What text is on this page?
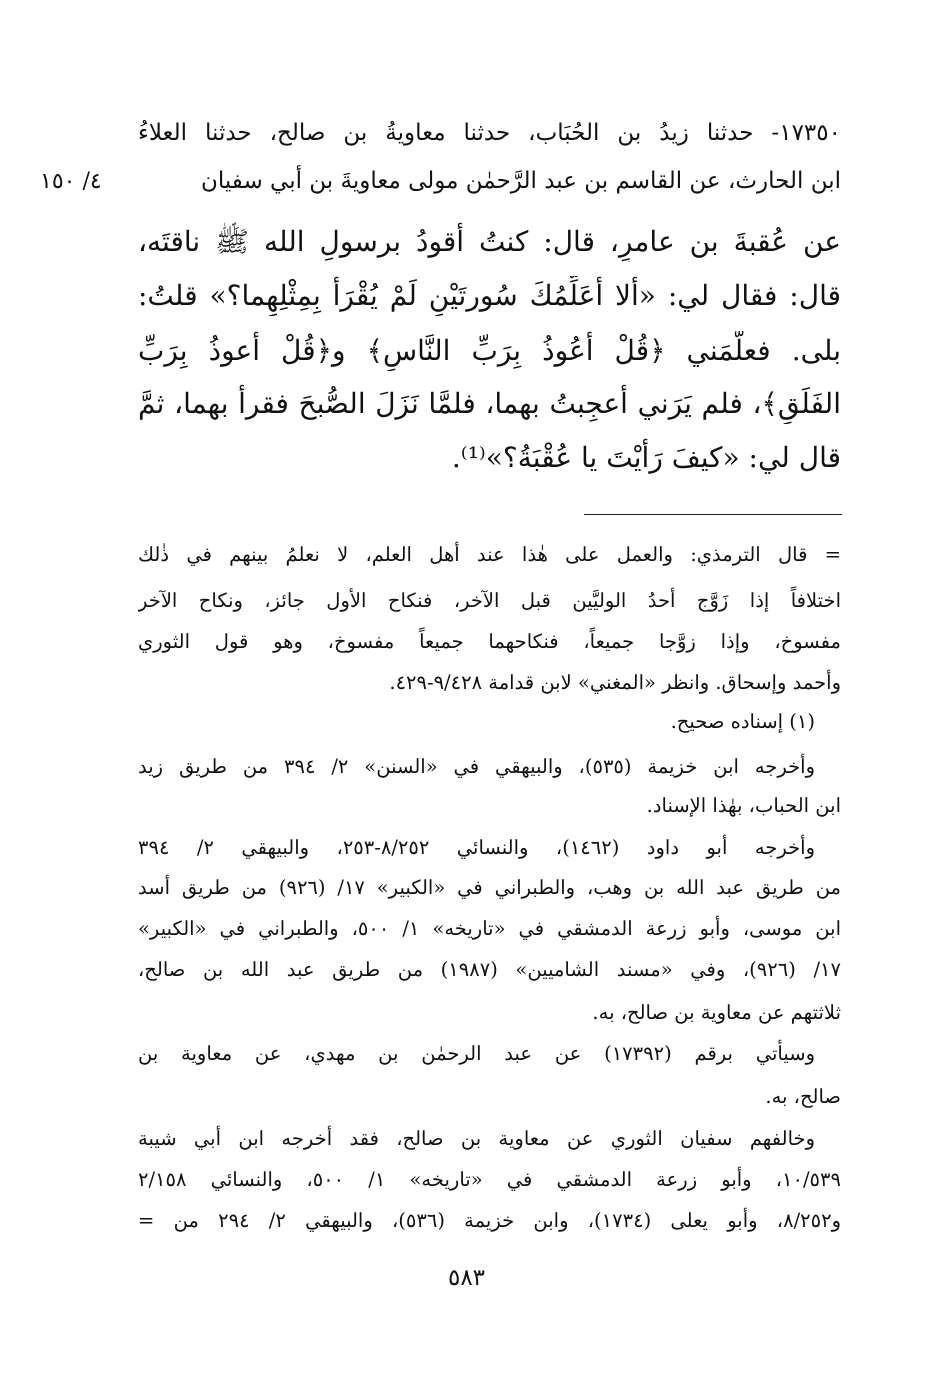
١٧٣٥٠- حدثنا زيدُ بن الحُبَاب، حدثنا معاويةُ بن صالح، حدثنا العلاءُ
ابن الحارث، عن القاسم بن عبد الرَّحمٰن مولى معاويةَ بن أبي سفيان
٤/ ١٥٠
عن عُقبةَ بن عامرٍ، قال: كنتُ أَقودُ برسولِ الله ﷺ ناقتَه،
قال: فقال لي: «ألا أُعَلِّمُكَ سُورتَيْنِ لَمْ يُقْرَأْ بِمِثْلِهِما؟» قلتُ:
بلى. فعلَّمَني ﴿قُلْ أَعُوذُ بِرَبِّ النَّاسِ﴾ و﴿قُلْ أعوذُ بِرَبِّ
الفَلَقِ﴾، فلم يَرَني أُعجِبتُ بهما، فلمَّا نَزَلَ الصُّبحَ فقرأَ بهما، ثمَّ
قال لي: «كيفَ رَأَيْتَ يا عُقْبَةُ؟»⁽¹⁾.
= قال الترمذي: والعمل على هٰذا عند أهل العلم، لا نعلمُ بينهم في ذٰلك
اختلافاً إذا زَوَّج أحدُ الوليَّين قبل الآخر، فنكاح الأول جائز، ونكاح الآخر
مفسوخ، وإذا زوَّجا جميعاً، فنكاحهما جميعاً مفسوخ، وهو قول الثوري
وأحمد وإسحاق. وانظر «المغني» لابن قدامة ٩/٤٢٨-٤٢٩.
(١) إسناده صحيح.
وأخرجه ابن خزيمة (٥٣٥)، والبيهقي في «السنن» ٢/ ٣٩٤ من طريق زيد
ابن الحباب، بهٰذا الإسناد.
وأخرجه أبو داود (١٤٦٢)، والنسائي ٨/٢٥٢-٢٥٣، والبيهقي ٢/ ٣٩٤
من طريق عبد الله بن وهب، والطبراني في «الكبير» ١٧/ (٩٢٦) من طريق أسد
ابن موسى، وأبو زرعة الدمشقي في «تاريخه» ١/ ٥٠٠، والطبراني في «الكبير»
١٧/ (٩٢٦)، وفي «مسند الشاميين» (١٩٨٧) من طريق عبد الله بن صالح،
ثلاثتهم عن معاوية بن صالح، به.
وسيأتي برقم (١٧٣٩٢) عن عبد الرحمٰن بن مهدي، عن معاوية بن
صالح، به.
وخالفهم سفيان الثوري عن معاوية بن صالح، فقد أخرجه ابن أبي شيبة
١٠/٥٣٩، وأبو زرعة الدمشقي في «تاريخه» ١/ ٥٠٠، والنسائي ٢/١٥٨
و٨/٢٥٢، وأبو يعلى (١٧٣٤)، وابن خزيمة (٥٣٦)، والبيهقي ٢/ ٢٩٤ من =
٥٨٣
